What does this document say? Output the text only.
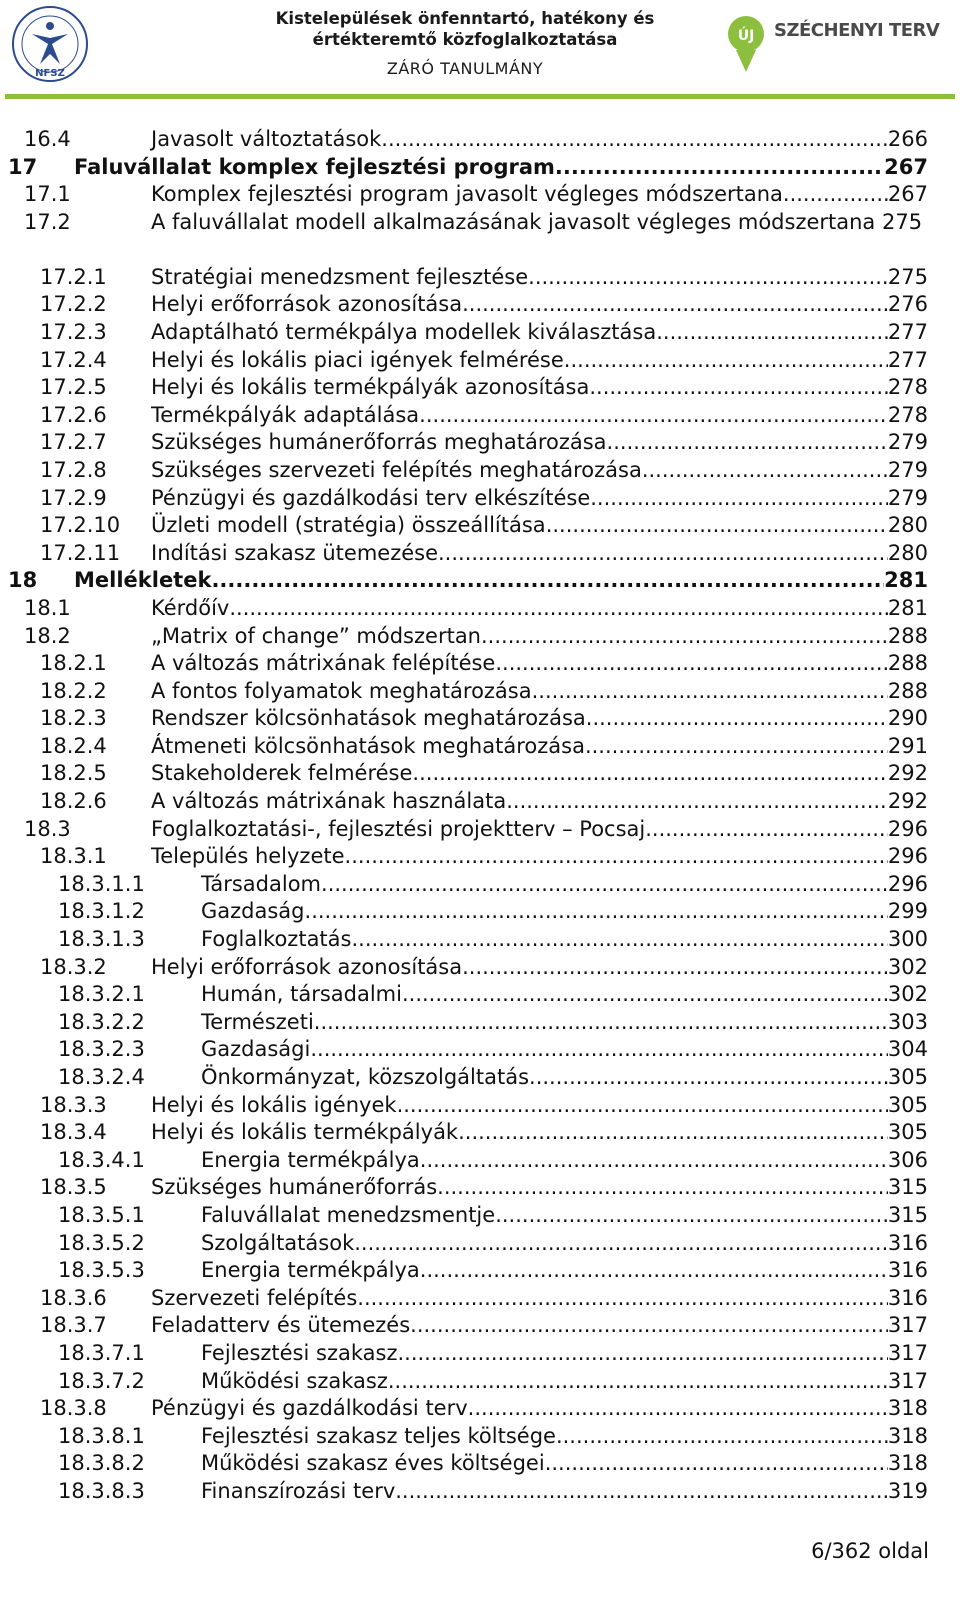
NFSZ
Kistelepülések önfenntartó, hatékony és
értékteremtő közfoglalkoztatása
ZÁRÓ TANULMÁNY
ÚJ SZÉCHENYI TERV
16.4	Javasolt változtatások .....	266
17 Faluvállalat komplex fejlesztési program .....	267
17.1	Komplex fejlesztési program javasolt végleges módszertana .....	267
17.2	A faluvállalat modell alkalmazásának javasolt végleges módszertana 275
17.2.1 Stratégiai menedzsment fejlesztése .....	275
17.2.2 Helyi erőforrások azonosítása .....	276
17.2.3 Adaptálható termékpálya modellek kiválasztása .....	277
17.2.4 Helyi és lokális piaci igények felmérése .....	277
17.2.5 Helyi és lokális termékpályák azonosítása .....	278
17.2.6 Termékpályák adaptálása .....	278
17.2.7 Szükséges humánerőforrás meghatározása .....	279
17.2.8 Szükséges szervezeti felépítés meghatározása .....	279
17.2.9 Pénzügyi és gazdálkodási terv elkészítése .....	279
17.2.10 Üzleti modell (stratégia) összeállítása .....	280
17.2.11 Indítási szakasz ütemezése .....	280
18 Mellékletek .....	281
18.1	Kérdőív .....	281
18.2	„Matrix of change” módszertan .....	288
18.2.1 A változás mátrixának felépítése .....	288
18.2.2 A fontos folyamatok meghatározása .....	288
18.2.3 Rendszer kölcsönhatások meghatározása .....	290
18.2.4 Átmeneti kölcsönhatások meghatározása .....	291
18.2.5 Stakeholderek felmérése .....	292
18.2.6 A változás mátrixának használata .....	292
18.3	Foglalkoztatási-, fejlesztési projektterv – Pocsaj .....	296
18.3.1 Település helyzete .....	296
18.3.1.1	Társadalom .....	296
18.3.1.2	Gazdaság .....	299
18.3.1.3	Foglalkoztatás .....	300
18.3.2 Helyi erőforrások azonosítása .....	302
18.3.2.1	Humán, társadalmi .....	302
18.3.2.2	Természeti .....	303
18.3.2.3	Gazdasági .....	304
18.3.2.4	Önkormányzat, közszolgáltatás .....	305
18.3.3 Helyi és lokális igények .....	305
18.3.4 Helyi és lokális termékpályák .....	305
18.3.4.1	Energia termékpálya .....	306
18.3.5 Szükséges humánerőforrás .....	315
18.3.5.1	Faluvállalat menedzsmentje .....	315
18.3.5.2	Szolgáltatások .....	316
18.3.5.3	Energia termékpálya .....	316
18.3.6 Szervezeti felépítés .....	316
18.3.7 Feladatterv és ütemezés .....	317
18.3.7.1	Fejlesztési szakasz .....	317
18.3.7.2	Működési szakasz .....	317
18.3.8 Pénzügyi és gazdálkodási terv .....	318
18.3.8.1	Fejlesztési szakasz teljes költsége .....	318
18.3.8.2	Működési szakasz éves költségei .....	318
18.3.8.3	Finanszírozási terv .....	319
6/362 oldal
